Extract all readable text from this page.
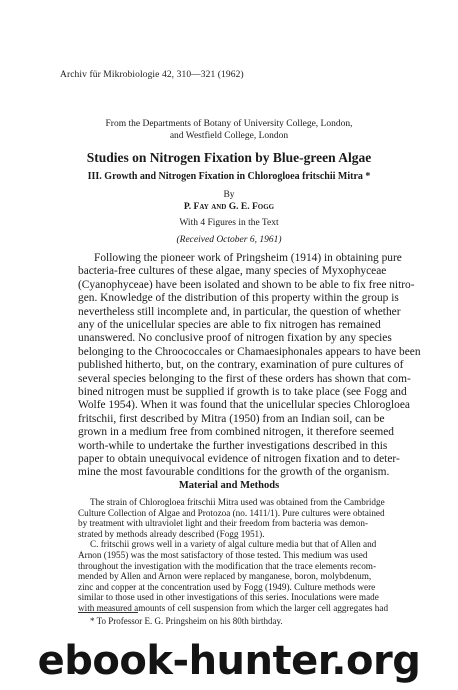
Archiv für Mikrobiologie 42, 310—321 (1962)
From the Departments of Botany of University College, London,
and Westfield College, London
Studies on Nitrogen Fixation by Blue-green Algae
III. Growth and Nitrogen Fixation in Chlorogloea fritschii Mitra *
By
P. Fay and G. E. Fogg
With 4 Figures in the Text
(Received October 6, 1961)
Following the pioneer work of Pringsheim (1914) in obtaining pure
bacteria-free cultures of these algae, many species of Myxophyceae
(Cyanophyceae) have been isolated and shown to be able to fix free nitro-
gen. Knowledge of the distribution of this property within the group is
nevertheless still incomplete and, in particular, the question of whether
any of the unicellular species are able to fix nitrogen has remained
unanswered. No conclusive proof of nitrogen fixation by any species
belonging to the Chroococcales or Chamaesiphonales appears to have been
published hitherto, but, on the contrary, examination of pure cultures of
several species belonging to the first of these orders has shown that com-
bined nitrogen must be supplied if growth is to take place (see Fogg and
Wolfe 1954). When it was found that the unicellular species Chlorogloea
fritschii, first described by Mitra (1950) from an Indian soil, can be
grown in a medium free from combined nitrogen, it therefore seemed
worth-while to undertake the further investigations described in this
paper to obtain unequivocal evidence of nitrogen fixation and to deter-
mine the most favourable conditions for the growth of the organism.
Material and Methods
The strain of Chlorogloea fritschii Mitra used was obtained from the Cambridge
Culture Collection of Algae and Protozoa (no. 1411/1). Pure cultures were obtained
by treatment with ultraviolet light and their freedom from bacteria was demon-
strated by methods already described (Fogg 1951).
C. fritschii grows well in a variety of algal culture media but that of Allen and
Arnon (1955) was the most satisfactory of those tested. This medium was used
throughout the investigation with the modification that the trace elements recom-
mended by Allen and Arnon were replaced by manganese, boron, molybdenum,
zinc and copper at the concentration used by Fogg (1949). Culture methods were
similar to those used in other investigations of this series. Inoculations were made
with measured amounts of cell suspension from which the larger cell aggregates had
* To Professor E. G. Pringsheim on his 80th birthday.
ebook-hunter.org
